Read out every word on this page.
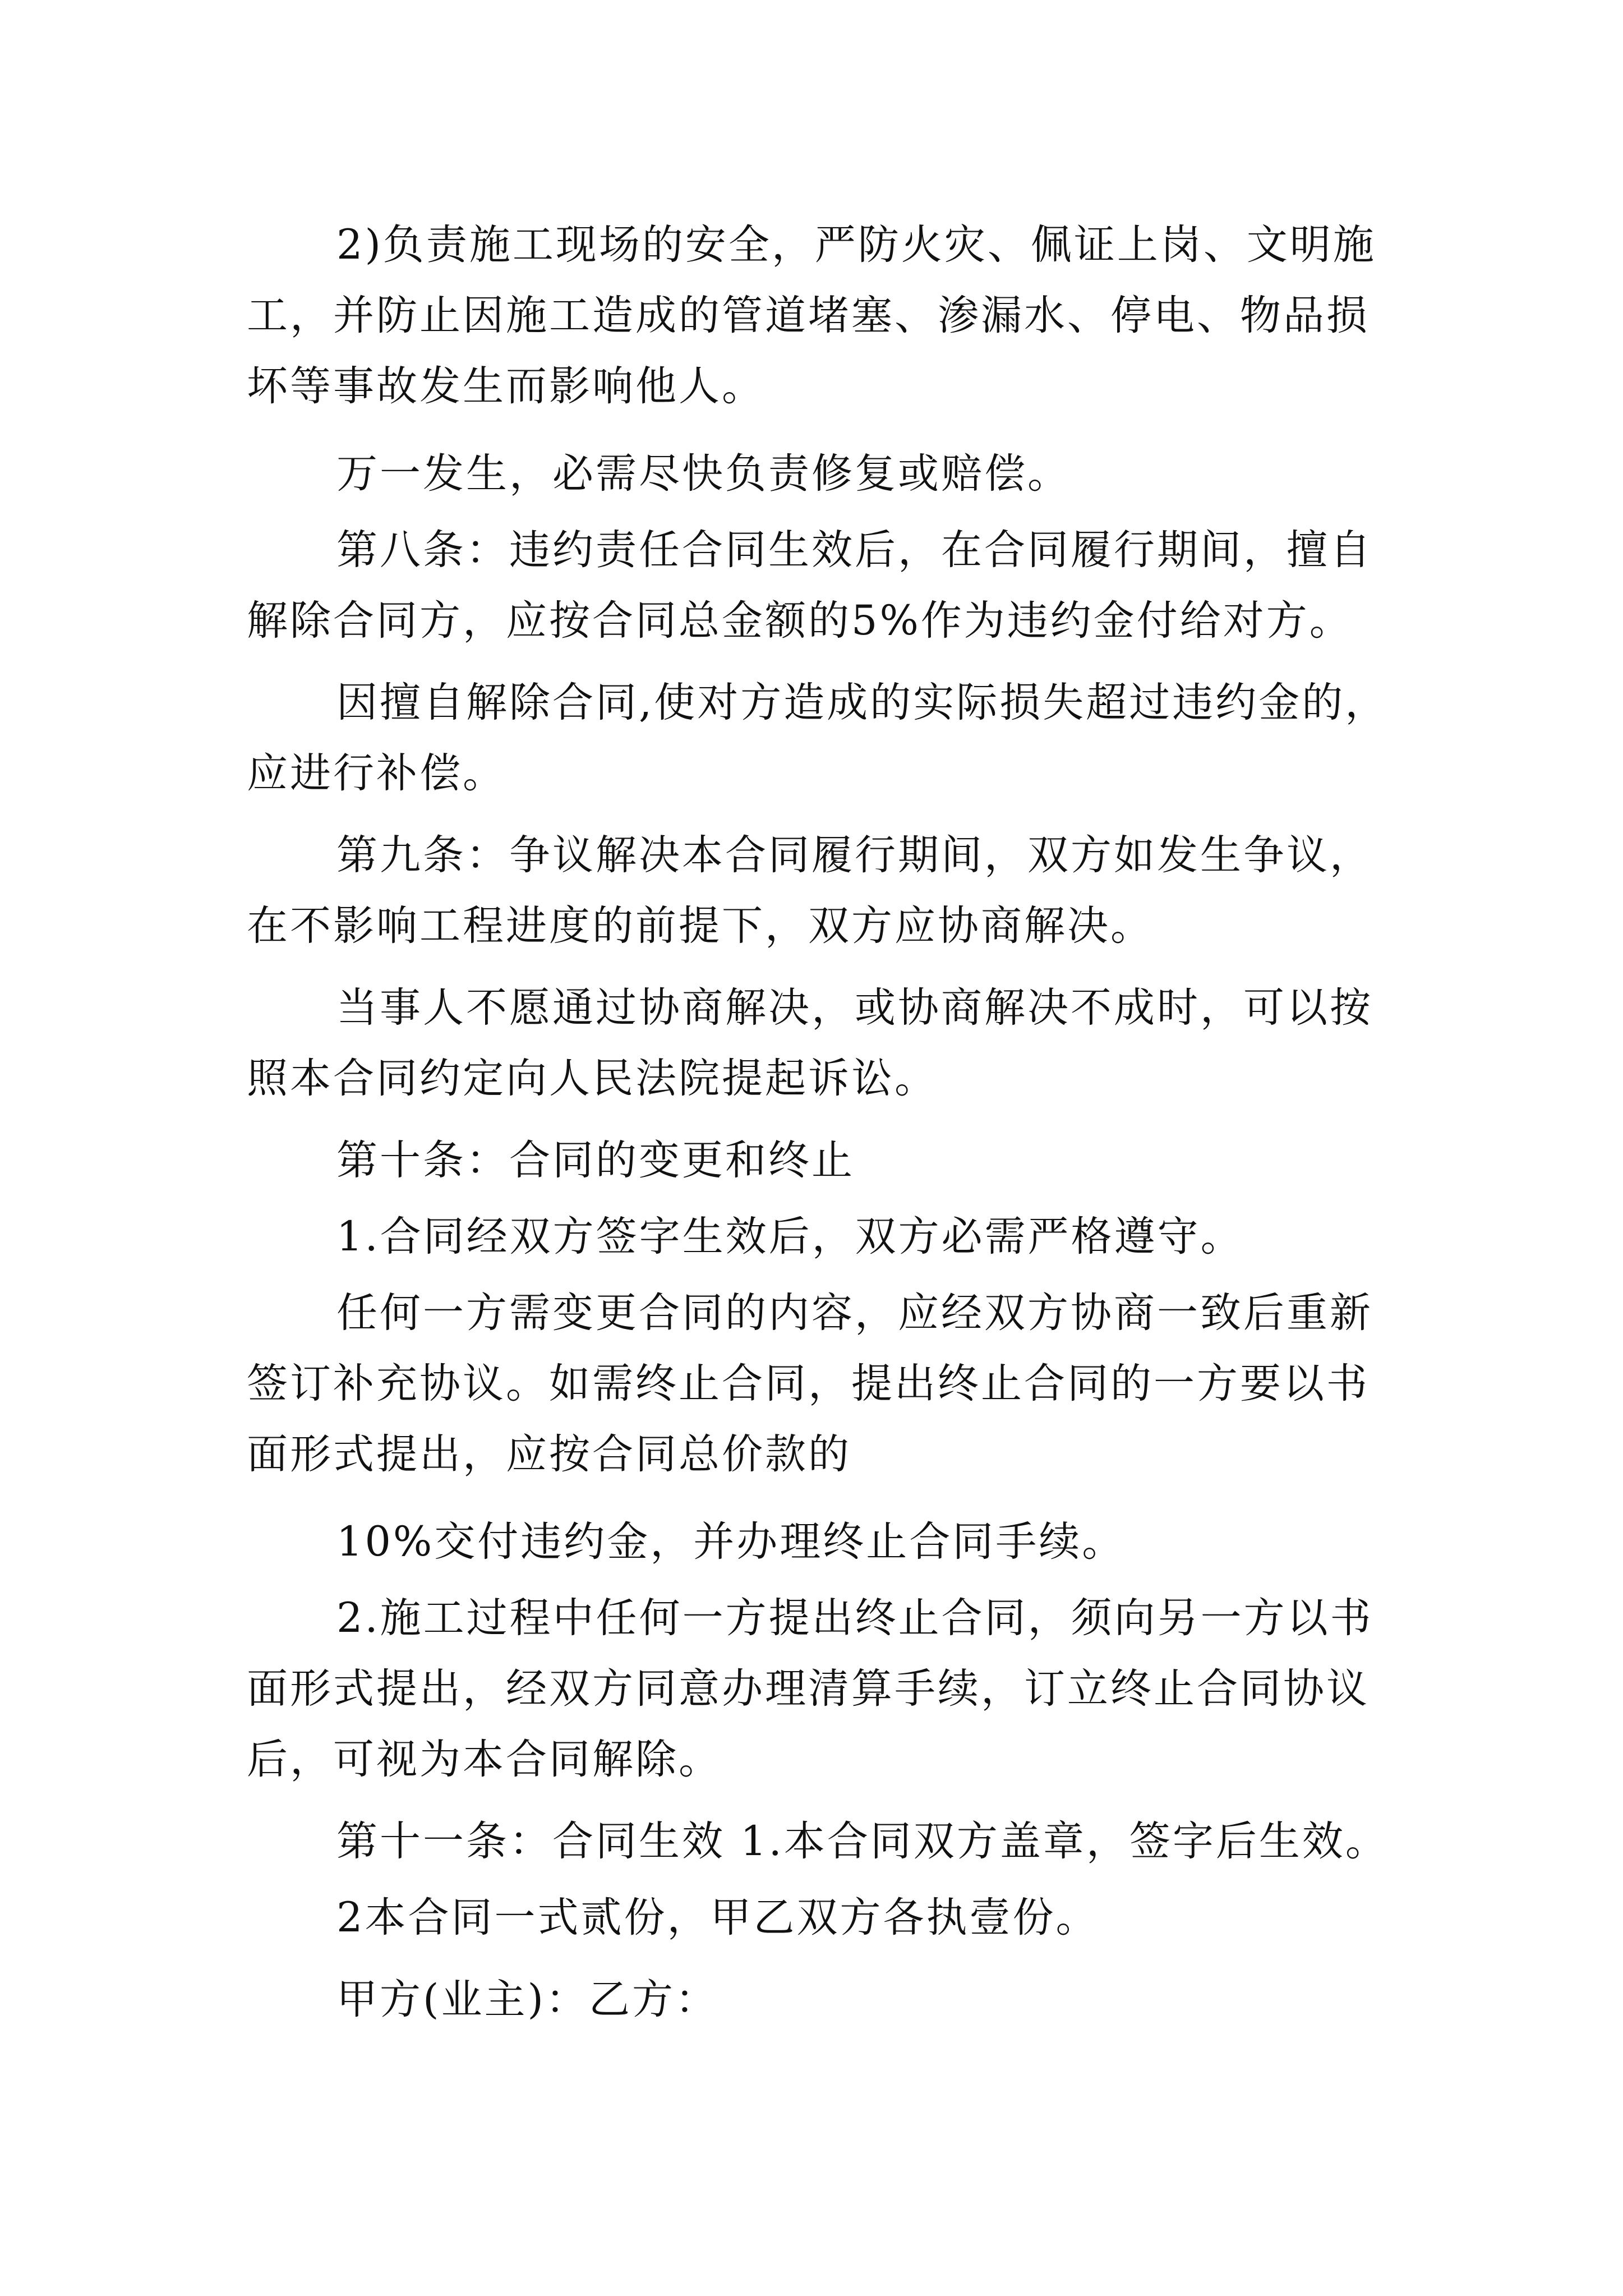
2)负责施工现场的安全，严防火灾、佩证上岗、文明施
工，并防止因施工造成的管道堵塞、渗漏水、停电、物品损
坏等事故发生而影响他人。
万一发生，必需尽快负责修复或赔偿。
第八条：违约责任合同生效后，在合同履行期间，擅自
解除合同方，应按合同总金额的5%作为违约金付给对方。
因擅自解除合同,使对方造成的实际损失超过违约金的，
应进行补偿。
第九条：争议解决本合同履行期间，双方如发生争议，
在不影响工程进度的前提下，双方应协商解决。
当事人不愿通过协商解决，或协商解决不成时，可以按
照本合同约定向人民法院提起诉讼。
第十条：合同的变更和终止
1.合同经双方签字生效后，双方必需严格遵守。
任何一方需变更合同的内容，应经双方协商一致后重新
签订补充协议。如需终止合同，提出终止合同的一方要以书
面形式提出，应按合同总价款的
10%交付违约金，并办理终止合同手续。
2.施工过程中任何一方提出终止合同，须向另一方以书
面形式提出，经双方同意办理清算手续，订立终止合同协议
后，可视为本合同解除。
第十一条：合同生效 1.本合同双方盖章，签字后生效。
2本合同一式贰份，甲乙双方各执壹份。
甲方(业主)：乙方：
